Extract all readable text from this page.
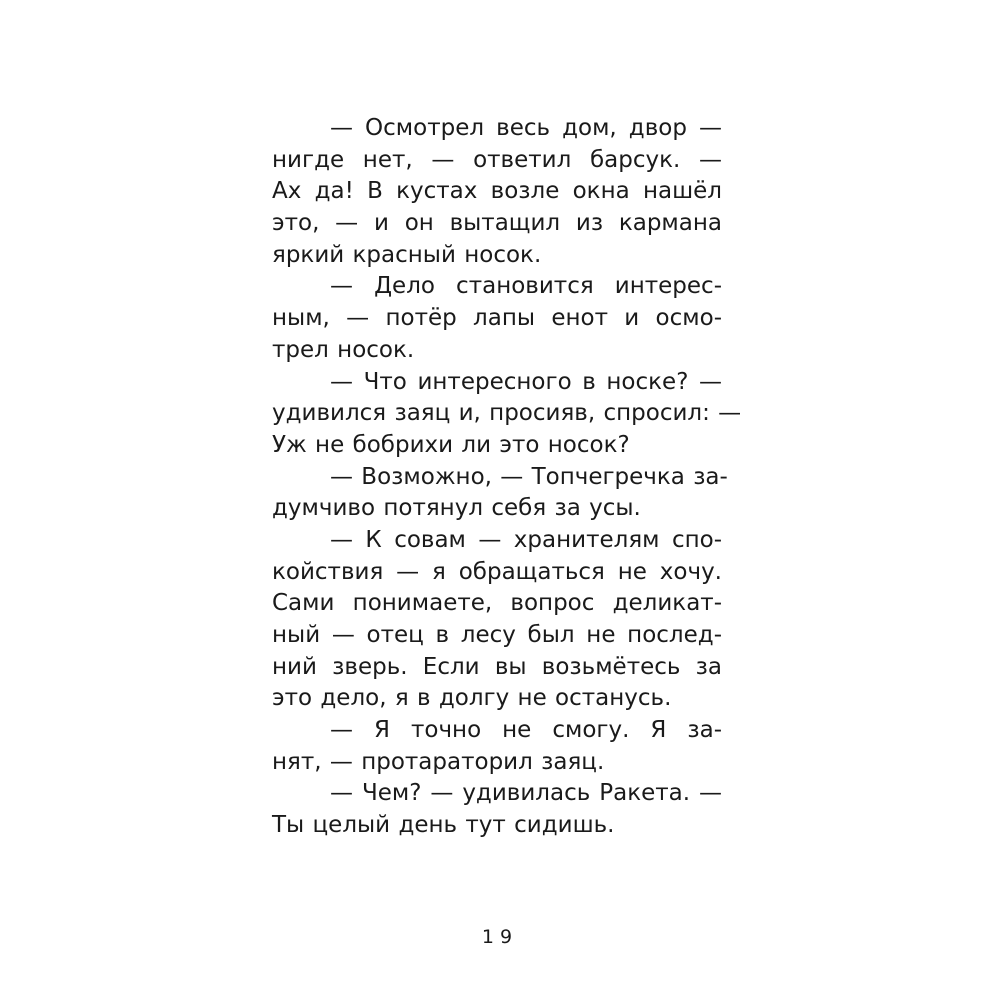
— Осмотрел весь дом, двор —
нигде нет, — ответил барсук. —
Ах да! В кустах возле окна нашёл
это, — и он вытащил из кармана
яркий красный носок.
— Дело становится интерес-
ным, — потёр лапы енот и осмо-
трел носок.
— Что интересного в носке? —
удивился заяц и, просияв, спросил: —
Уж не бобрихи ли это носок?
— Возможно, — Топчегречка за-
думчиво потянул себя за усы.
— К совам — хранителям спо-
койствия — я обращаться не хочу.
Сами понимаете, вопрос деликат-
ный — отец в лесу был не послед-
ний зверь. Если вы возьмётесь за
это дело, я в долгу не останусь.
— Я точно не смогу. Я за-
нят, — протараторил заяц.
— Чем? — удивилась Ракета. —
Ты целый день тут сидишь.
19
